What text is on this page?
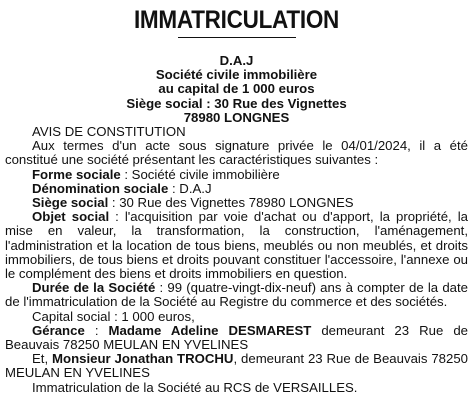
IMMATRICULATION
D.A.J
Société civile immobilière
au capital de 1 000 euros
Siège social : 30 Rue des Vignettes
78980 LONGNES
AVIS DE CONSTITUTION
Aux termes d'un acte sous signature privée le 04/01/2024, il a été constitué une société présentant les caractéristiques suivantes :
Forme sociale : Société civile immobilière
Dénomination sociale : D.A.J
Siège social : 30 Rue des Vignettes 78980 LONGNES
Objet social : l'acquisition par voie d'achat ou d'apport, la propriété, la mise en valeur, la transformation, la construction, l'aménagement, l'administration et la location de tous biens, meublés ou non meublés, et droits immobiliers, de tous biens et droits pouvant constituer l'accessoire, l'annexe ou le complément des biens et droits immobiliers en question.
Durée de la Société : 99 (quatre-vingt-dix-neuf) ans à compter de la date de l'immatriculation de la Société au Registre du commerce et des sociétés.
Capital social : 1 000 euros,
Gérance : Madame Adeline DESMAREST demeurant 23 Rue de Beauvais 78250 MEULAN EN YVELINES
Et, Monsieur Jonathan TROCHU, demeurant 23 Rue de Beauvais 78250 MEULAN EN YVELINES
Immatriculation de la Société au RCS de VERSAILLES.
